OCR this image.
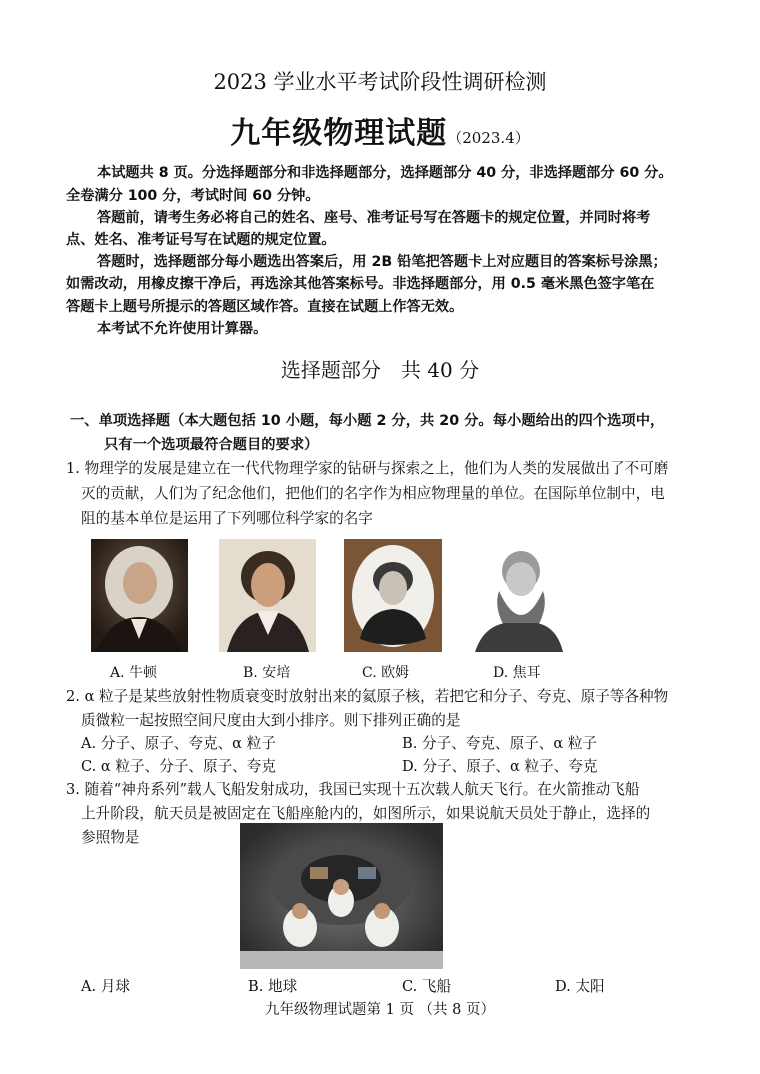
2023 学业水平考试阶段性调研检测
九年级物理试题（2023.4）
本试题共 8 页。分选择题部分和非选择题部分，选择题部分 40 分，非选择题部分 60 分。
全卷满分 100 分，考试时间 60 分钟。
答题前，请考生务必将自己的姓名、座号、准考证号写在答题卡的规定位置，并同时将考
点、姓名、准考证号写在试题的规定位置。
答题时，选择题部分每小题选出答案后，用 2B 铅笔把答题卡上对应题目的答案标号涂黑；
如需改动，用橡皮擦干净后，再选涂其他答案标号。非选择题部分，用 0.5 毫米黑色签字笔在
答题卡上题号所提示的答题区域作答。直接在试题上作答无效。
本考试不允许使用计算器。
选择题部分 共 40 分
一、单项选择题（本大题包括 10 小题，每小题 2 分，共 20 分。每小题给出的四个选项中，
只有一个选项最符合题目的要求）
1. 物理学的发展是建立在一代代物理学家的钻研与探索之上，他们为人类的发展做出了不可磨
灭的贡献，人们为了纪念他们，把他们的名字作为相应物理量的单位。在国际单位制中，电
阻的基本单位是运用了下列哪位科学家的名字
A. 牛顿	B. 安培	C. 欧姆	D. 焦耳
2. α 粒子是某些放射性物质衰变时放射出来的氦原子核，若把它和分子、夸克、原子等各种物
质微粒一起按照空间尺度由大到小排序。则下排列正确的是
A. 分子、原子、夸克、α 粒子	B. 分子、夸克、原子、α 粒子
C. α 粒子、分子、原子、夸克	D. 分子、原子、α 粒子、夸克
3. 随着“神舟系列”载人飞船发射成功，我国已实现十五次载人航天飞行。在火箭推动飞船
上升阶段，航天员是被固定在飞船座舱内的，如图所示，如果说航天员处于静止，选择的
参照物是
A. 月球	B. 地球	C. 飞船	D. 太阳
九年级物理试题第 1 页 （共 8 页）
